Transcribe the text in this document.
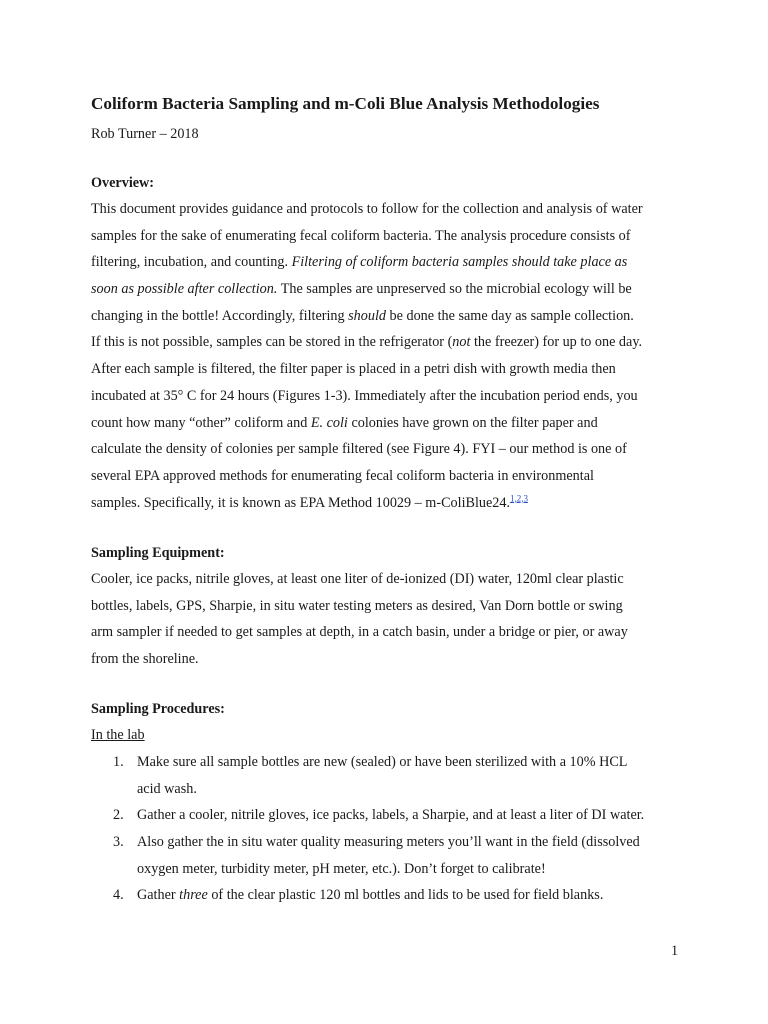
Coliform Bacteria Sampling and m-Coli Blue Analysis Methodologies
Rob Turner – 2018
Overview:
This document provides guidance and protocols to follow for the collection and analysis of water
samples for the sake of enumerating fecal coliform bacteria. The analysis procedure consists of
filtering, incubation, and counting. Filtering of coliform bacteria samples should take place as
soon as possible after collection. The samples are unpreserved so the microbial ecology will be
changing in the bottle! Accordingly, filtering should be done the same day as sample collection.
If this is not possible, samples can be stored in the refrigerator (not the freezer) for up to one day.
After each sample is filtered, the filter paper is placed in a petri dish with growth media then
incubated at 35° C for 24 hours (Figures 1-3). Immediately after the incubation period ends, you
count how many “other” coliform and E. coli colonies have grown on the filter paper and
calculate the density of colonies per sample filtered (see Figure 4). FYI – our method is one of
several EPA approved methods for enumerating fecal coliform bacteria in environmental
samples. Specifically, it is known as EPA Method 10029 – m-ColiBlue24.$^{1,2,3}$
Sampling Equipment:
Cooler, ice packs, nitrile gloves, at least one liter of de-ionized (DI) water, 120ml clear plastic
bottles, labels, GPS, Sharpie, in situ water testing meters as desired, Van Dorn bottle or swing
arm sampler if needed to get samples at depth, in a catch basin, under a bridge or pier, or away
from the shoreline.
Sampling Procedures:
In the lab
1. Make sure all sample bottles are new (sealed) or have been sterilized with a 10% HCL
acid wash.
2. Gather a cooler, nitrile gloves, ice packs, labels, a Sharpie, and at least a liter of DI water.
3. Also gather the in situ water quality measuring meters you’ll want in the field (dissolved
oxygen meter, turbidity meter, pH meter, etc.). Don’t forget to calibrate!
4. Gather three of the clear plastic 120 ml bottles and lids to be used for field blanks.
1
